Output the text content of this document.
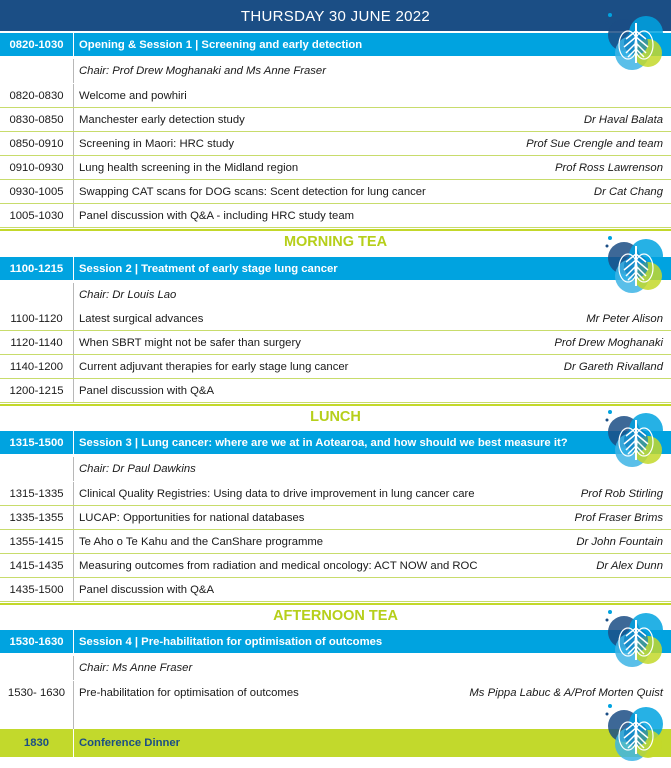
THURSDAY 30 JUNE 2022
0820-1030	Opening & Session 1 | Screening and early detection
Chair: Prof Drew Moghanaki and Ms Anne Fraser
0820-0830	Welcome and powhiri
0830-0850	Manchester early detection study	Dr Haval Balata
0850-0910	Screening in Maori: HRC study	Prof Sue Crengle and team
0910-0930	Lung health screening in the Midland region	Prof Ross Lawrenson
0930-1005	Swapping CAT scans for DOG scans: Scent detection for lung cancer	Dr Cat Chang
1005-1030	Panel discussion with Q&A - including HRC study team
MORNING TEA
1100-1215	Session 2 | Treatment of early stage lung cancer
Chair: Dr Louis Lao
1100-1120	Latest surgical advances	Mr Peter Alison
1120-1140	When SBRT might not be safer than surgery	Prof Drew Moghanaki
1140-1200	Current adjuvant therapies for early stage lung cancer	Dr Gareth Rivalland
1200-1215	Panel discussion with Q&A
LUNCH
1315-1500	Session 3 | Lung cancer: where are we at in Aotearoa, and how should we best measure it?
Chair: Dr Paul Dawkins
1315-1335	Clinical Quality Registries: Using data to drive improvement in lung cancer care	Prof Rob Stirling
1335-1355	LUCAP: Opportunities for national databases	Prof Fraser Brims
1355-1415	Te Aho o Te Kahu and the CanShare programme	Dr John Fountain
1415-1435	Measuring outcomes from radiation and medical oncology: ACT NOW and ROC	Dr Alex Dunn
1435-1500	Panel discussion with Q&A
AFTERNOON TEA
1530-1630	Session 4 | Pre-habilitation for optimisation of outcomes
Chair: Ms Anne Fraser
1530- 1630	Pre-habilitation for optimisation of outcomes	Ms Pippa Labuc & A/Prof Morten Quist
1830	Conference Dinner
